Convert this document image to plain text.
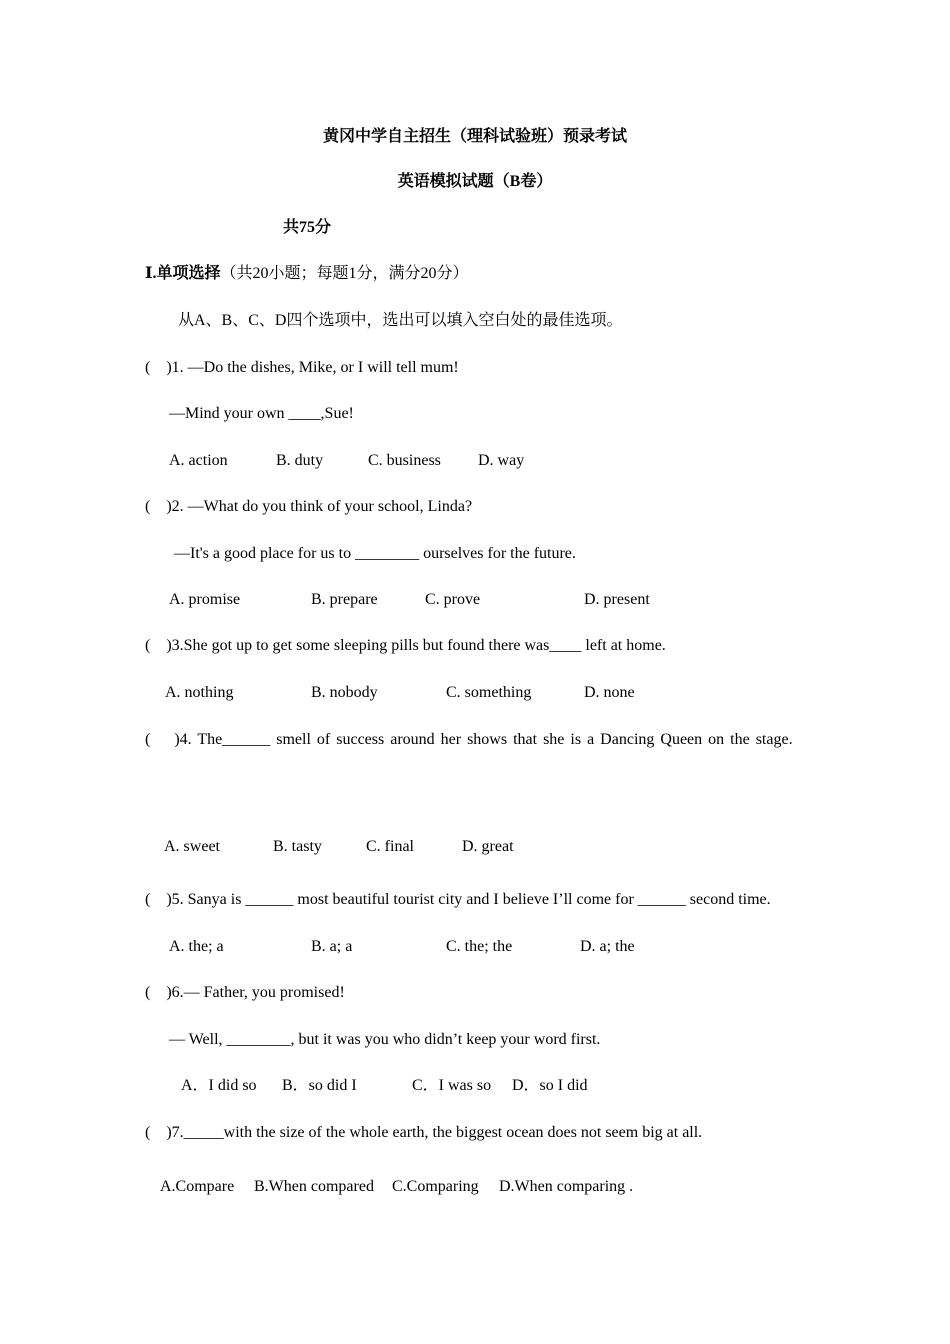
黄冈中学自主招生（理科试验班）预录考试
英语模拟试题（B卷）
共75分
Ⅰ.单项选择（共20小题；每题1分，满分20分）
从A、B、C、D四个选项中，选出可以填入空白处的最佳选项。
(    )1. —Do the dishes, Mike, or I will tell mum!
—Mind your own ____,Sue!
A. action	B. duty	C. business D. way
(    )2. —What do you think of your school, Linda?
—It's a good place for us to ________ ourselves for the future.
A. promise	B. prepare	C. prove	D. present
(    )3.She got up to get some sleeping pills but found there was____ left at home.
A. nothing	B. nobody	C. something	D. none
(    )4. The______ smell of success around her shows that she is a Dancing Queen on the stage.
A. sweet	B. tasty	C. final	D. great
(    )5. Sanya is ______ most beautiful tourist city and I believe I’ll come for ______ second time.
A. the; a	B. a; a	C. the; the	D. a; the
(    )6.— Father, you promised!
— Well, ________, but it was you who didn’t keep your word first.
A．I did so B．so did I	C．I was so D．so I did
(    )7._____with the size of the whole earth, the biggest ocean does not seem big at all.
A.Compare B.When compared C.Comparing D.When comparing .
